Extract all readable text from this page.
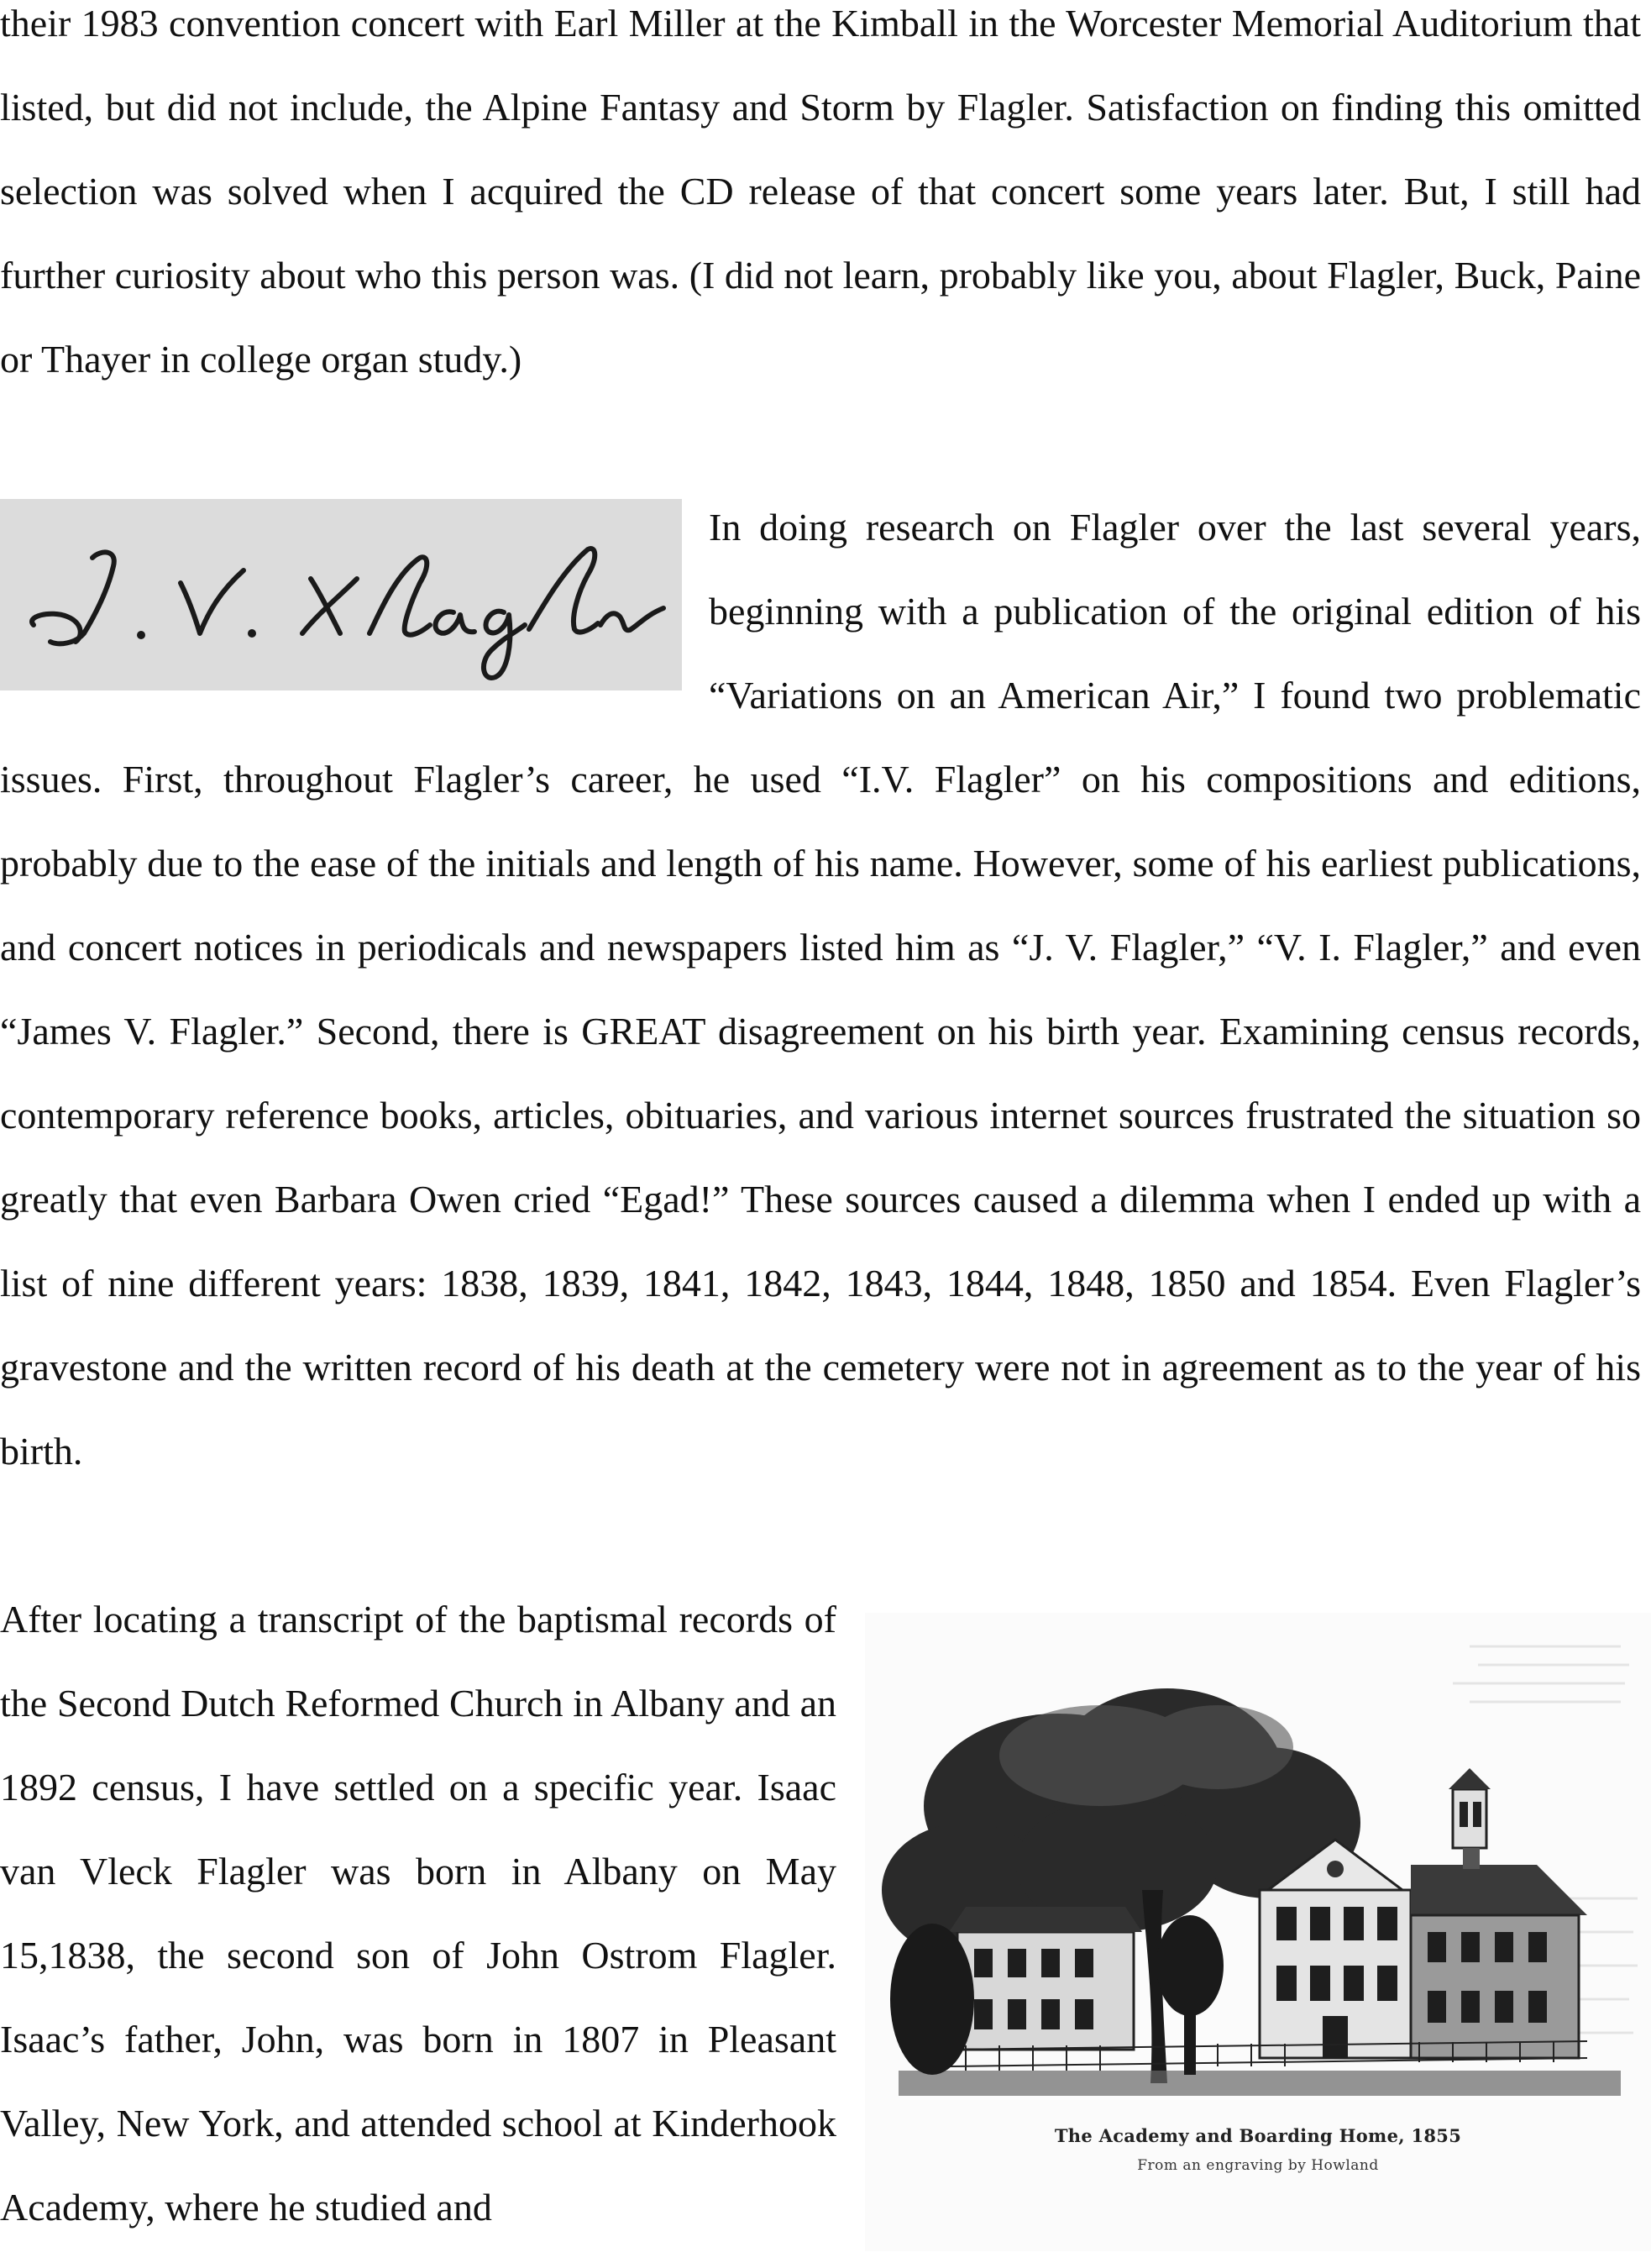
their 1983 convention concert with Earl Miller at the Kimball in the Worcester Memorial Auditorium that listed, but did not include, the Alpine Fantasy and Storm by Flagler. Satisfaction on finding this omitted selection was solved when I acquired the CD release of that concert some years later. But, I still had further curiosity about who this person was. (I did not learn, probably like you, about Flagler, Buck, Paine or Thayer in college organ study.)

In doing research on Flagler over the last several years, beginning with a publication of the original edition of his “Variations on an American Air,” I found two problematic issues. First, throughout Flagler’s career, he used “I.V. Flagler” on his compositions and editions, probably due to the ease of the initials and length of his name. However, some of his earliest publications, and concert notices in periodicals and newspapers listed him as “J. V. Flagler,” “V. I. Flagler,” and even “James V. Flagler.” Second, there is GREAT disagreement on his birth year. Examining census records, contemporary reference books, articles, obituaries, and various internet sources frustrated the situation so greatly that even Barbara Owen cried “Egad!” These sources caused a dilemma when I ended up with a list of nine different years: 1838, 1839, 1841, 1842, 1843, 1844, 1848, 1850 and 1854. Even Flagler’s gravestone and the written record of his death at the cemetery were not in agreement as to the year of his birth.

After locating a transcript of the baptismal records of the Second Dutch Reformed Church in Albany and an 1892 census, I have settled on a specific year. Isaac van Vleck Flagler was born in Albany on May 15,1838, the second son of John Ostrom Flagler. Isaac’s father, John, was born in 1807 in Pleasant Valley, New York, and attended school at Kinderhook Academy, where he studied and

The Academy and Boarding Home, 1855
From an engraving by Howland
